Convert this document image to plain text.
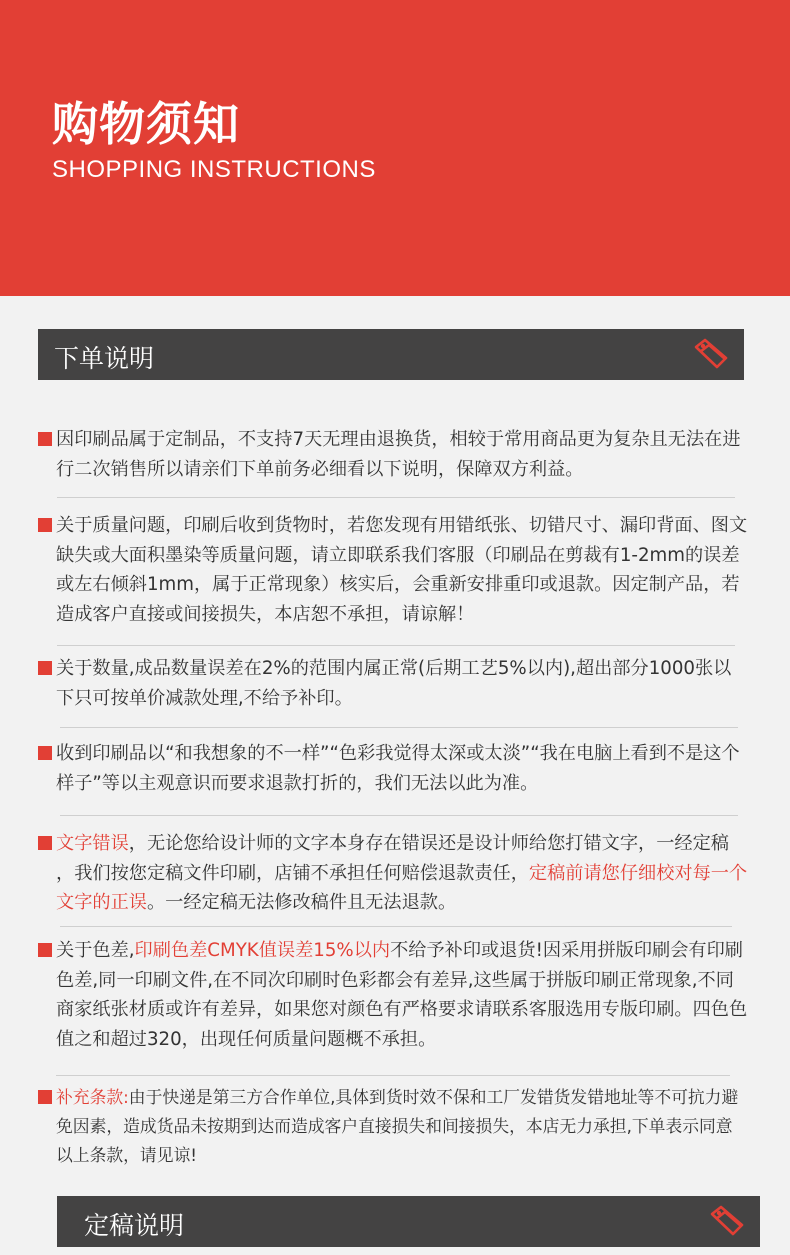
购物须知
SHOPPING INSTRUCTIONS
下单说明
因印刷品属于定制品，不支持7天无理由退换货，相较于常用商品更为复杂且无法在进行二次销售所以请亲们下单前务必细看以下说明，保障双方利益。
关于质量问题，印刷后收到货物时，若您发现有用错纸张、切错尺寸、漏印背面、图文缺失或大面积墨染等质量问题，请立即联系我们客服（印刷品在剪裁有1-2mm的误差或左右倾斜1mm，属于正常现象）核实后，会重新安排重印或退款。因定制产品，若造成客户直接或间接损失，本店恕不承担，请谅解！
关于数量,成品数量误差在2%的范围内属正常(后期工艺5%以内),超出部分1000张以下只可按单价减款处理,不给予补印。
收到印刷品以“和我想象的不一样”“色彩我觉得太深或太淡”“我在电脑上看到不是这个样子”等以主观意识而要求退款打折的，我们无法以此为准。
文字错误，无论您给设计师的文字本身存在错误还是设计师给您打错文字，一经定稿 ，我们按您定稿文件印刷，店铺不承担任何赔偿退款责任，定稿前请您仔细校对每一个文字的正误。一经定稿无法修改稿件且无法退款。
关于色差,印刷色差CMYK值误差15%以内不给予补印或退货!因采用拼版印刷会有印刷色差,同一印刷文件,在不同次印刷时色彩都会有差异,这些属于拼版印刷正常现象,不同商家纸张材质或许有差异，如果您对颜色有严格要求请联系客服选用专版印刷。四色色值之和超过320，出现任何质量问题概不承担。
补充条款:由于快递是第三方合作单位,具体到货时效不保和工厂发错货发错地址等不可抗力避免因素，造成货品未按期到达而造成客户直接损失和间接损失，本店无力承担,下单表示同意以上条款，请见谅!
定稿说明
